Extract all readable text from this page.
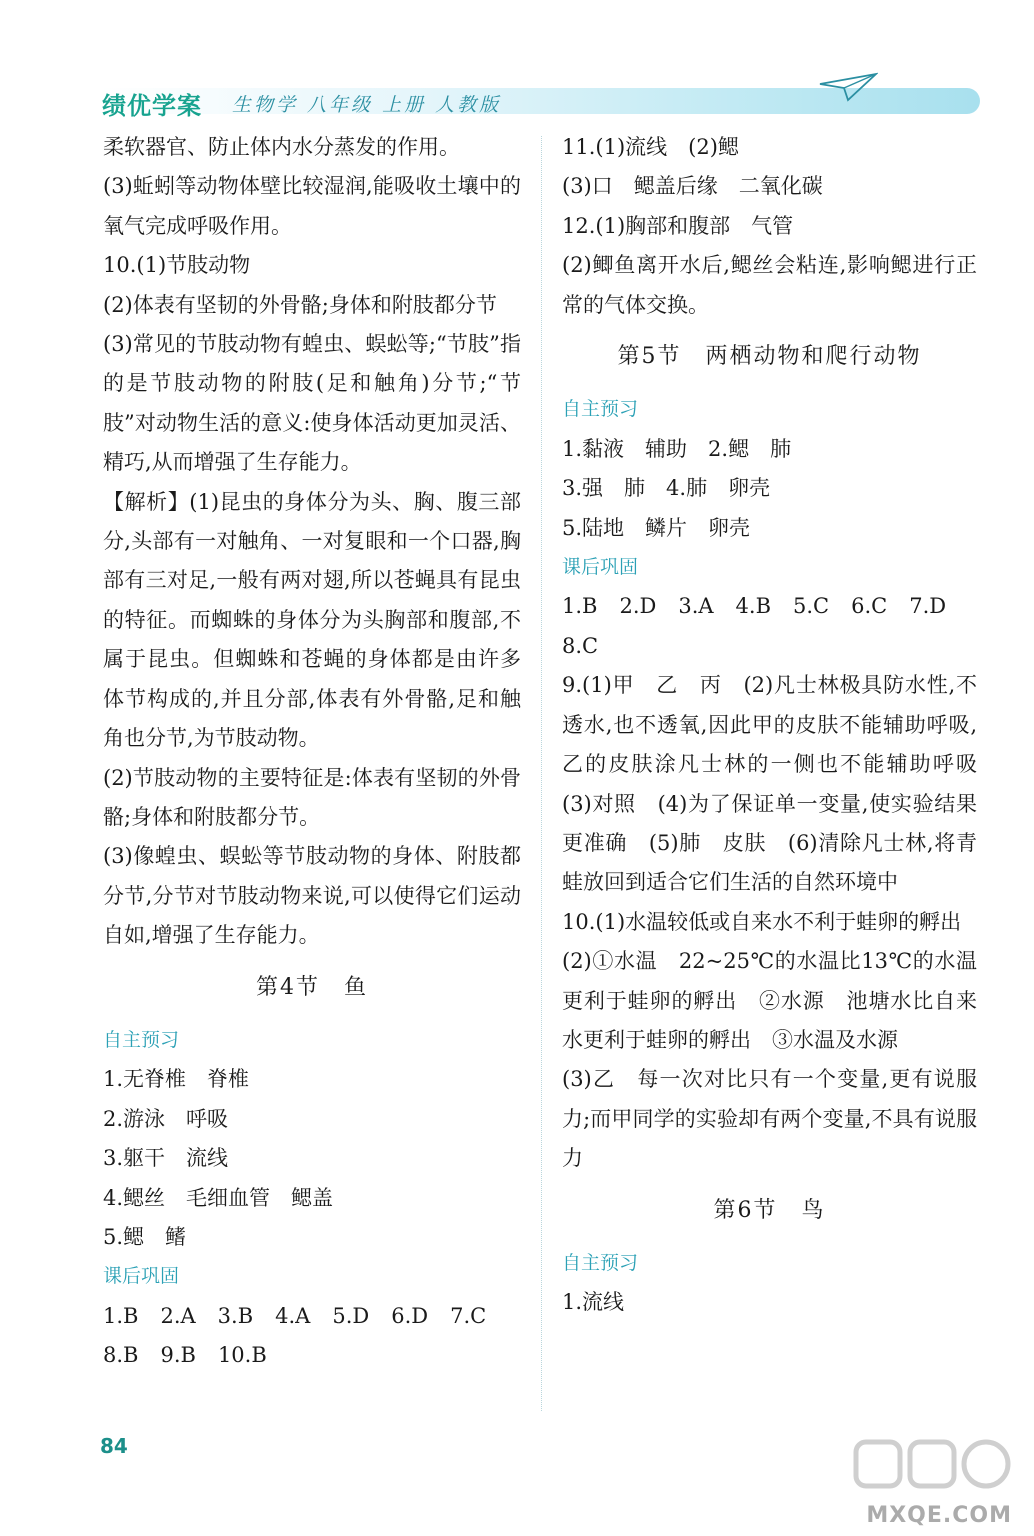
绩优学案 生物学 八年级 上册 人教版

柔软器官、防止体内水分蒸发的作用。

(3)蚯蚓等动物体壁比较湿润,能吸收土壤中的氧气完成呼吸作用。

10.(1)节肢动物

(2)体表有坚韧的外骨骼;身体和附肢都分节

(3)常见的节肢动物有蝗虫、蜈蚣等;“节肢”指的是节肢动物的附肢(足和触角)分节;“节肢”对动物生活的意义:使身体活动更加灵活、精巧,从而增强了生存能力。

【解析】(1)昆虫的身体分为头、胸、腹三部分,头部有一对触角、一对复眼和一个口器,胸部有三对足,一般有两对翅,所以苍蝇具有昆虫的特征。而蜘蛛的身体分为头胸部和腹部,不属于昆虫。但蜘蛛和苍蝇的身体都是由许多体节构成的,并且分部,体表有外骨骼,足和触角也分节,为节肢动物。

(2)节肢动物的主要特征是:体表有坚韧的外骨骼;身体和附肢都分节。

(3)像蝗虫、蜈蚣等节肢动物的身体、附肢都分节,分节对节肢动物来说,可以使得它们运动自如,增强了生存能力。

第4节　鱼

自主预习

1.无脊椎　脊椎

2.游泳　呼吸

3.躯干　流线

4.鳃丝　毛细血管　鳃盖

5.鳃　鳍

课后巩固

1.B 2.A 3.B 4.A 5.D 6.D 7.C

8.B 9.B 10.B

11.(1)流线　(2)鳃

(3)口　鳃盖后缘　二氧化碳

12.(1)胸部和腹部　气管

(2)鲫鱼离开水后,鳃丝会粘连,影响鳃进行正常的气体交换。

第5节　两栖动物和爬行动物

自主预习

1.黏液　辅助　2.鳃　肺

3.强　肺　4.肺　卵壳

5.陆地　鳞片　卵壳

课后巩固

1.B 2.D 3.A 4.B 5.C 6.C 7.D

8.C

9.(1)甲　乙　丙　(2)凡士林极具防水性,不透水,也不透氧,因此甲的皮肤不能辅助呼吸,乙的皮肤涂凡士林的一侧也不能辅助呼吸　(3)对照　(4)为了保证单一变量,使实验结果更准确　(5)肺　皮肤　(6)清除凡士林,将青蛙放回到适合它们生活的自然环境中

10.(1)水温较低或自来水不利于蛙卵的孵出

(2)①水温　22~25℃的水温比13℃的水温更利于蛙卵的孵出　②水源　池塘水比自来水更利于蛙卵的孵出　③水温及水源

(3)乙　每一次对比只有一个变量,更有说服力;而甲同学的实验却有两个变量,不具有说服力

第6节　鸟

自主预习

1.流线

84
MXQE.COM
